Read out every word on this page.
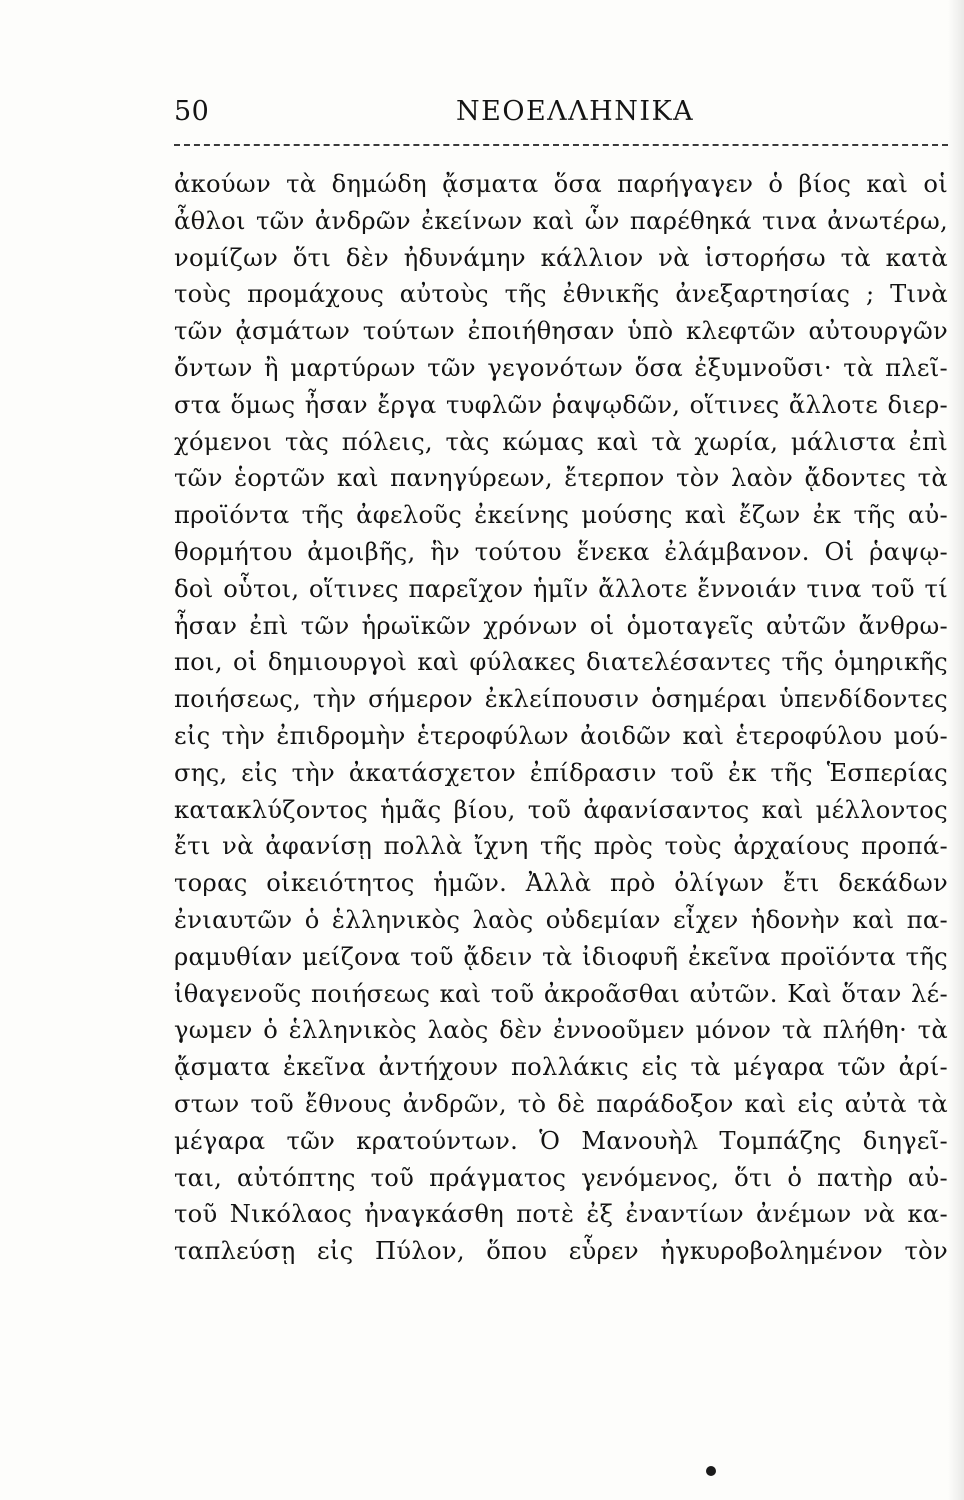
50	ΝΕΟΕΛΛΗΝΙΚΑ
ἀκούων τὰ δημώδη ᾄσματα ὅσα παρήγαγεν ὁ βίος καὶ οἱ
ἆθλοι τῶν ἀνδρῶν ἐκείνων καὶ ὧν παρέθηκά τινα ἀνωτέρω,
νομίζων ὅτι δὲν ἠδυνάμην κάλλιον νὰ ἱστορήσω τὰ κατὰ
τοὺς προμάχους αὐτοὺς τῆς ἐθνικῆς ἀνεξαρτησίας ; Τινὰ
τῶν ᾀσμάτων τούτων ἐποιήθησαν ὑπὸ κλεφτῶν αὐτουργῶν
ὄντων ἢ μαρτύρων τῶν γεγονότων ὅσα ἐξυμνοῦσι· τὰ πλεῖ-
στα ὅμως ἦσαν ἔργα τυφλῶν ῥαψῳδῶν, οἵτινες ἄλλοτε διερ-
χόμενοι τὰς πόλεις, τὰς κώμας καὶ τὰ χωρία, μάλιστα ἐπὶ
τῶν ἑορτῶν καὶ πανηγύρεων, ἔτερπον τὸν λαὸν ᾄδοντες τὰ
προϊόντα τῆς ἀφελοῦς ἐκείνης μούσης καὶ ἔζων ἐκ τῆς αὐ-
θορμήτου ἀμοιβῆς, ἣν τούτου ἕνεκα ἐλάμβανον. Οἱ ῥαψῳ-
δοὶ οὗτοι, οἵτινες παρεῖχον ἡμῖν ἄλλοτε ἔννοιάν τινα τοῦ τί
ἦσαν ἐπὶ τῶν ἡρωϊκῶν χρόνων οἱ ὁμοταγεῖς αὐτῶν ἄνθρω-
ποι, οἱ δημιουργοὶ καὶ φύλακες διατελέσαντες τῆς ὁμηρικῆς
ποιήσεως, τὴν σήμερον ἐκλείπουσιν ὁσημέραι ὑπενδίδοντες
εἰς τὴν ἐπιδρομὴν ἑτεροφύλων ἀοιδῶν καὶ ἑτεροφύλου μού-
σης, εἰς τὴν ἀκατάσχετον ἐπίδρασιν τοῦ ἐκ τῆς Ἑσπερίας
κατακλύζοντος ἡμᾶς βίου, τοῦ ἀφανίσαντος καὶ μέλλοντος
ἔτι νὰ ἀφανίσῃ πολλὰ ἴχνη τῆς πρὸς τοὺς ἀρχαίους προπά-
τορας οἰκειότητος ἡμῶν. Ἀλλὰ πρὸ ὀλίγων ἔτι δεκάδων
ἐνιαυτῶν ὁ ἑλληνικὸς λαὸς οὐδεμίαν εἶχεν ἡδονὴν καὶ πα-
ραμυθίαν μείζονα τοῦ ᾄδειν τὰ ἰδιοφυῆ ἐκεῖνα προϊόντα τῆς
ἰθαγενοῦς ποιήσεως καὶ τοῦ ἀκροᾶσθαι αὐτῶν. Καὶ ὅταν λέ-
γωμεν ὁ ἑλληνικὸς λαὸς δὲν ἐννοοῦμεν μόνον τὰ πλήθη· τὰ
ᾄσματα ἐκεῖνα ἀντήχουν πολλάκις εἰς τὰ μέγαρα τῶν ἀρί-
στων τοῦ ἔθνους ἀνδρῶν, τὸ δὲ παράδοξον καὶ εἰς αὐτὰ τὰ
μέγαρα τῶν κρατούντων. Ὁ Μανουὴλ Τομπάζης διηγεῖ-
ται, αὐτόπτης τοῦ πράγματος γενόμενος, ὅτι ὁ πατὴρ αὐ-
τοῦ Νικόλαος ἠναγκάσθη ποτὲ ἐξ ἐναντίων ἀνέμων νὰ κα-
ταπλεύσῃ εἰς Πύλον, ὅπου εὗρεν ἠγκυροβολημένον τὸν
